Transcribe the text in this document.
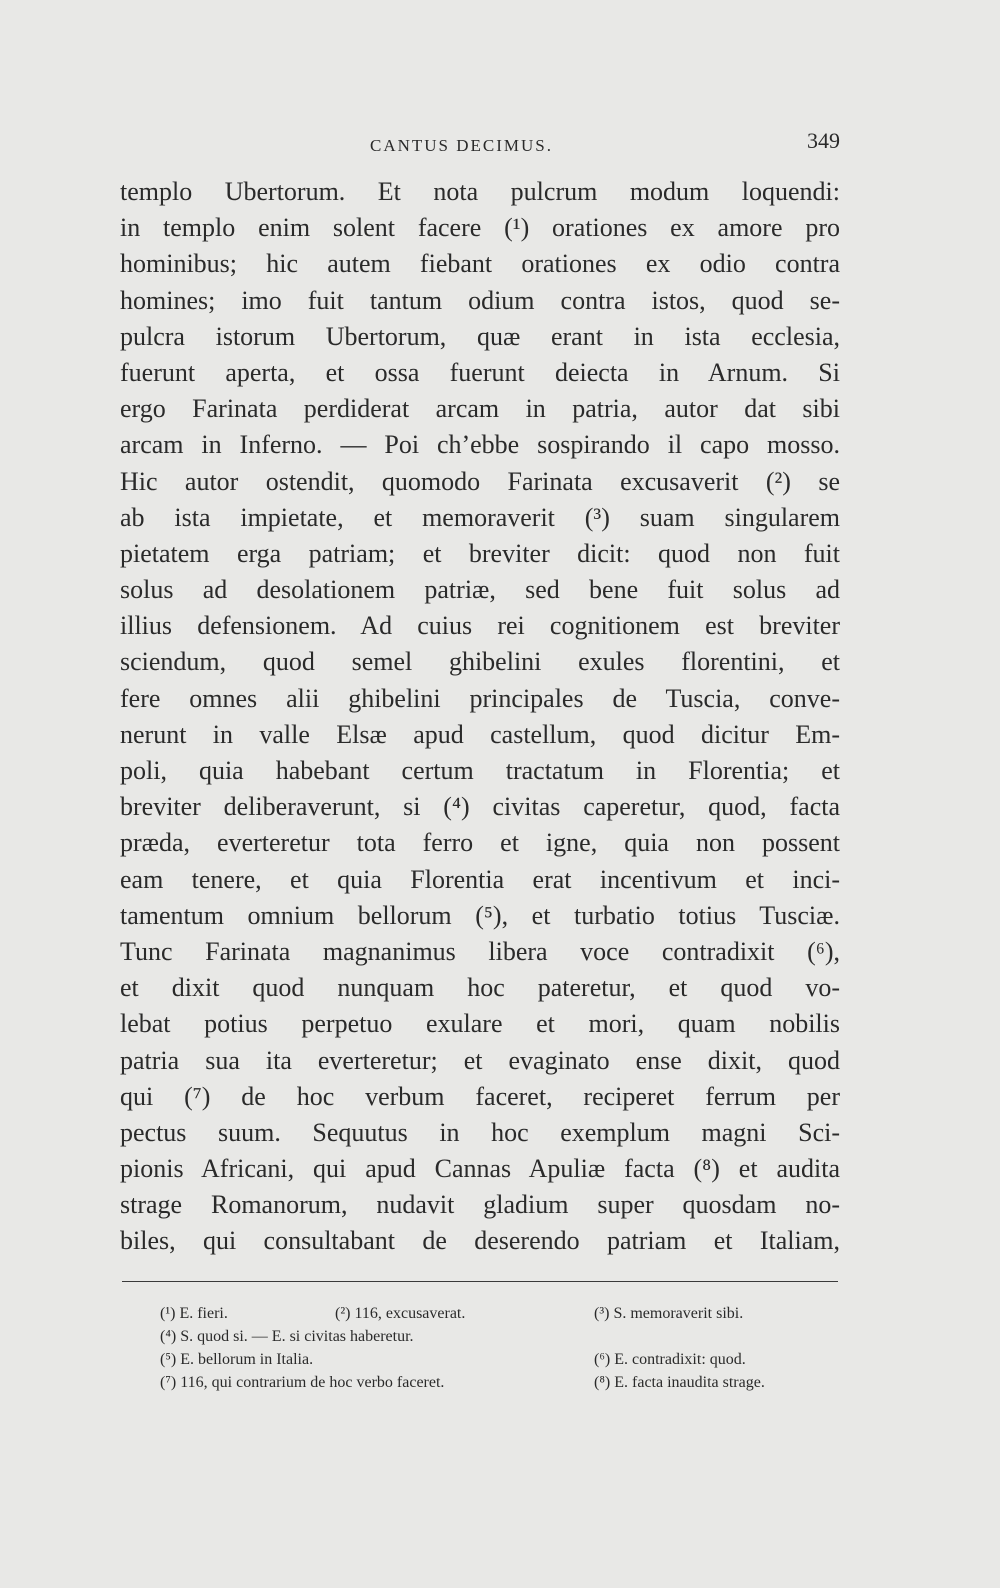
CANTUS DECIMUS.	349
templo Ubertorum. Et nota pulcrum modum loquendi:
in templo enim solent facere (¹) orationes ex amore pro
hominibus; hic autem fiebant orationes ex odio contra
homines; imo fuit tantum odium contra istos, quod se-
pulcra istorum Ubertorum, quæ erant in ista ecclesia,
fuerunt aperta, et ossa fuerunt deiecta in Arnum. Si
ergo Farinata perdiderat arcam in patria, autor dat sibi
arcam in Inferno. — Poi ch’ebbe sospirando il capo mosso.
Hic autor ostendit, quomodo Farinata excusaverit (²) se
ab ista impietate, et memoraverit (³) suam singularem
pietatem erga patriam; et breviter dicit: quod non fuit
solus ad desolationem patriæ, sed bene fuit solus ad
illius defensionem. Ad cuius rei cognitionem est breviter
sciendum, quod semel ghibelini exules florentini, et
fere omnes alii ghibelini principales de Tuscia, conve-
nerunt in valle Elsæ apud castellum, quod dicitur Em-
poli, quia habebant certum tractatum in Florentia; et
breviter deliberaverunt, si (⁴) civitas caperetur, quod, facta
præda, everteretur tota ferro et igne, quia non possent
eam tenere, et quia Florentia erat incentivum et inci-
tamentum omnium bellorum (⁵), et turbatio totius Tusciæ.
Tunc Farinata magnanimus libera voce contradixit (⁶),
et dixit quod nunquam hoc pateretur, et quod vo-
lebat potius perpetuo exulare et mori, quam nobilis
patria sua ita everteretur; et evaginato ense dixit, quod
qui (⁷) de hoc verbum faceret, reciperet ferrum per
pectus suum. Sequutus in hoc exemplum magni Sci-
pionis Africani, qui apud Cannas Apuliæ facta (⁸) et audita
strage Romanorum, nudavit gladium super quosdam no-
biles, qui consultabant de deserendo patriam et Italiam,
(¹) E. fieri.	(²) 116, excusaverat.	(³) S. memoraverit sibi.
(⁴) S. quod si. — E. si civitas haberetur.
(⁵) E. bellorum in Italia.	(⁶) E. contradixit: quod.
(⁷) 116, qui contrarium de hoc verbo faceret.	(⁸) E. facta inaudita strage.
